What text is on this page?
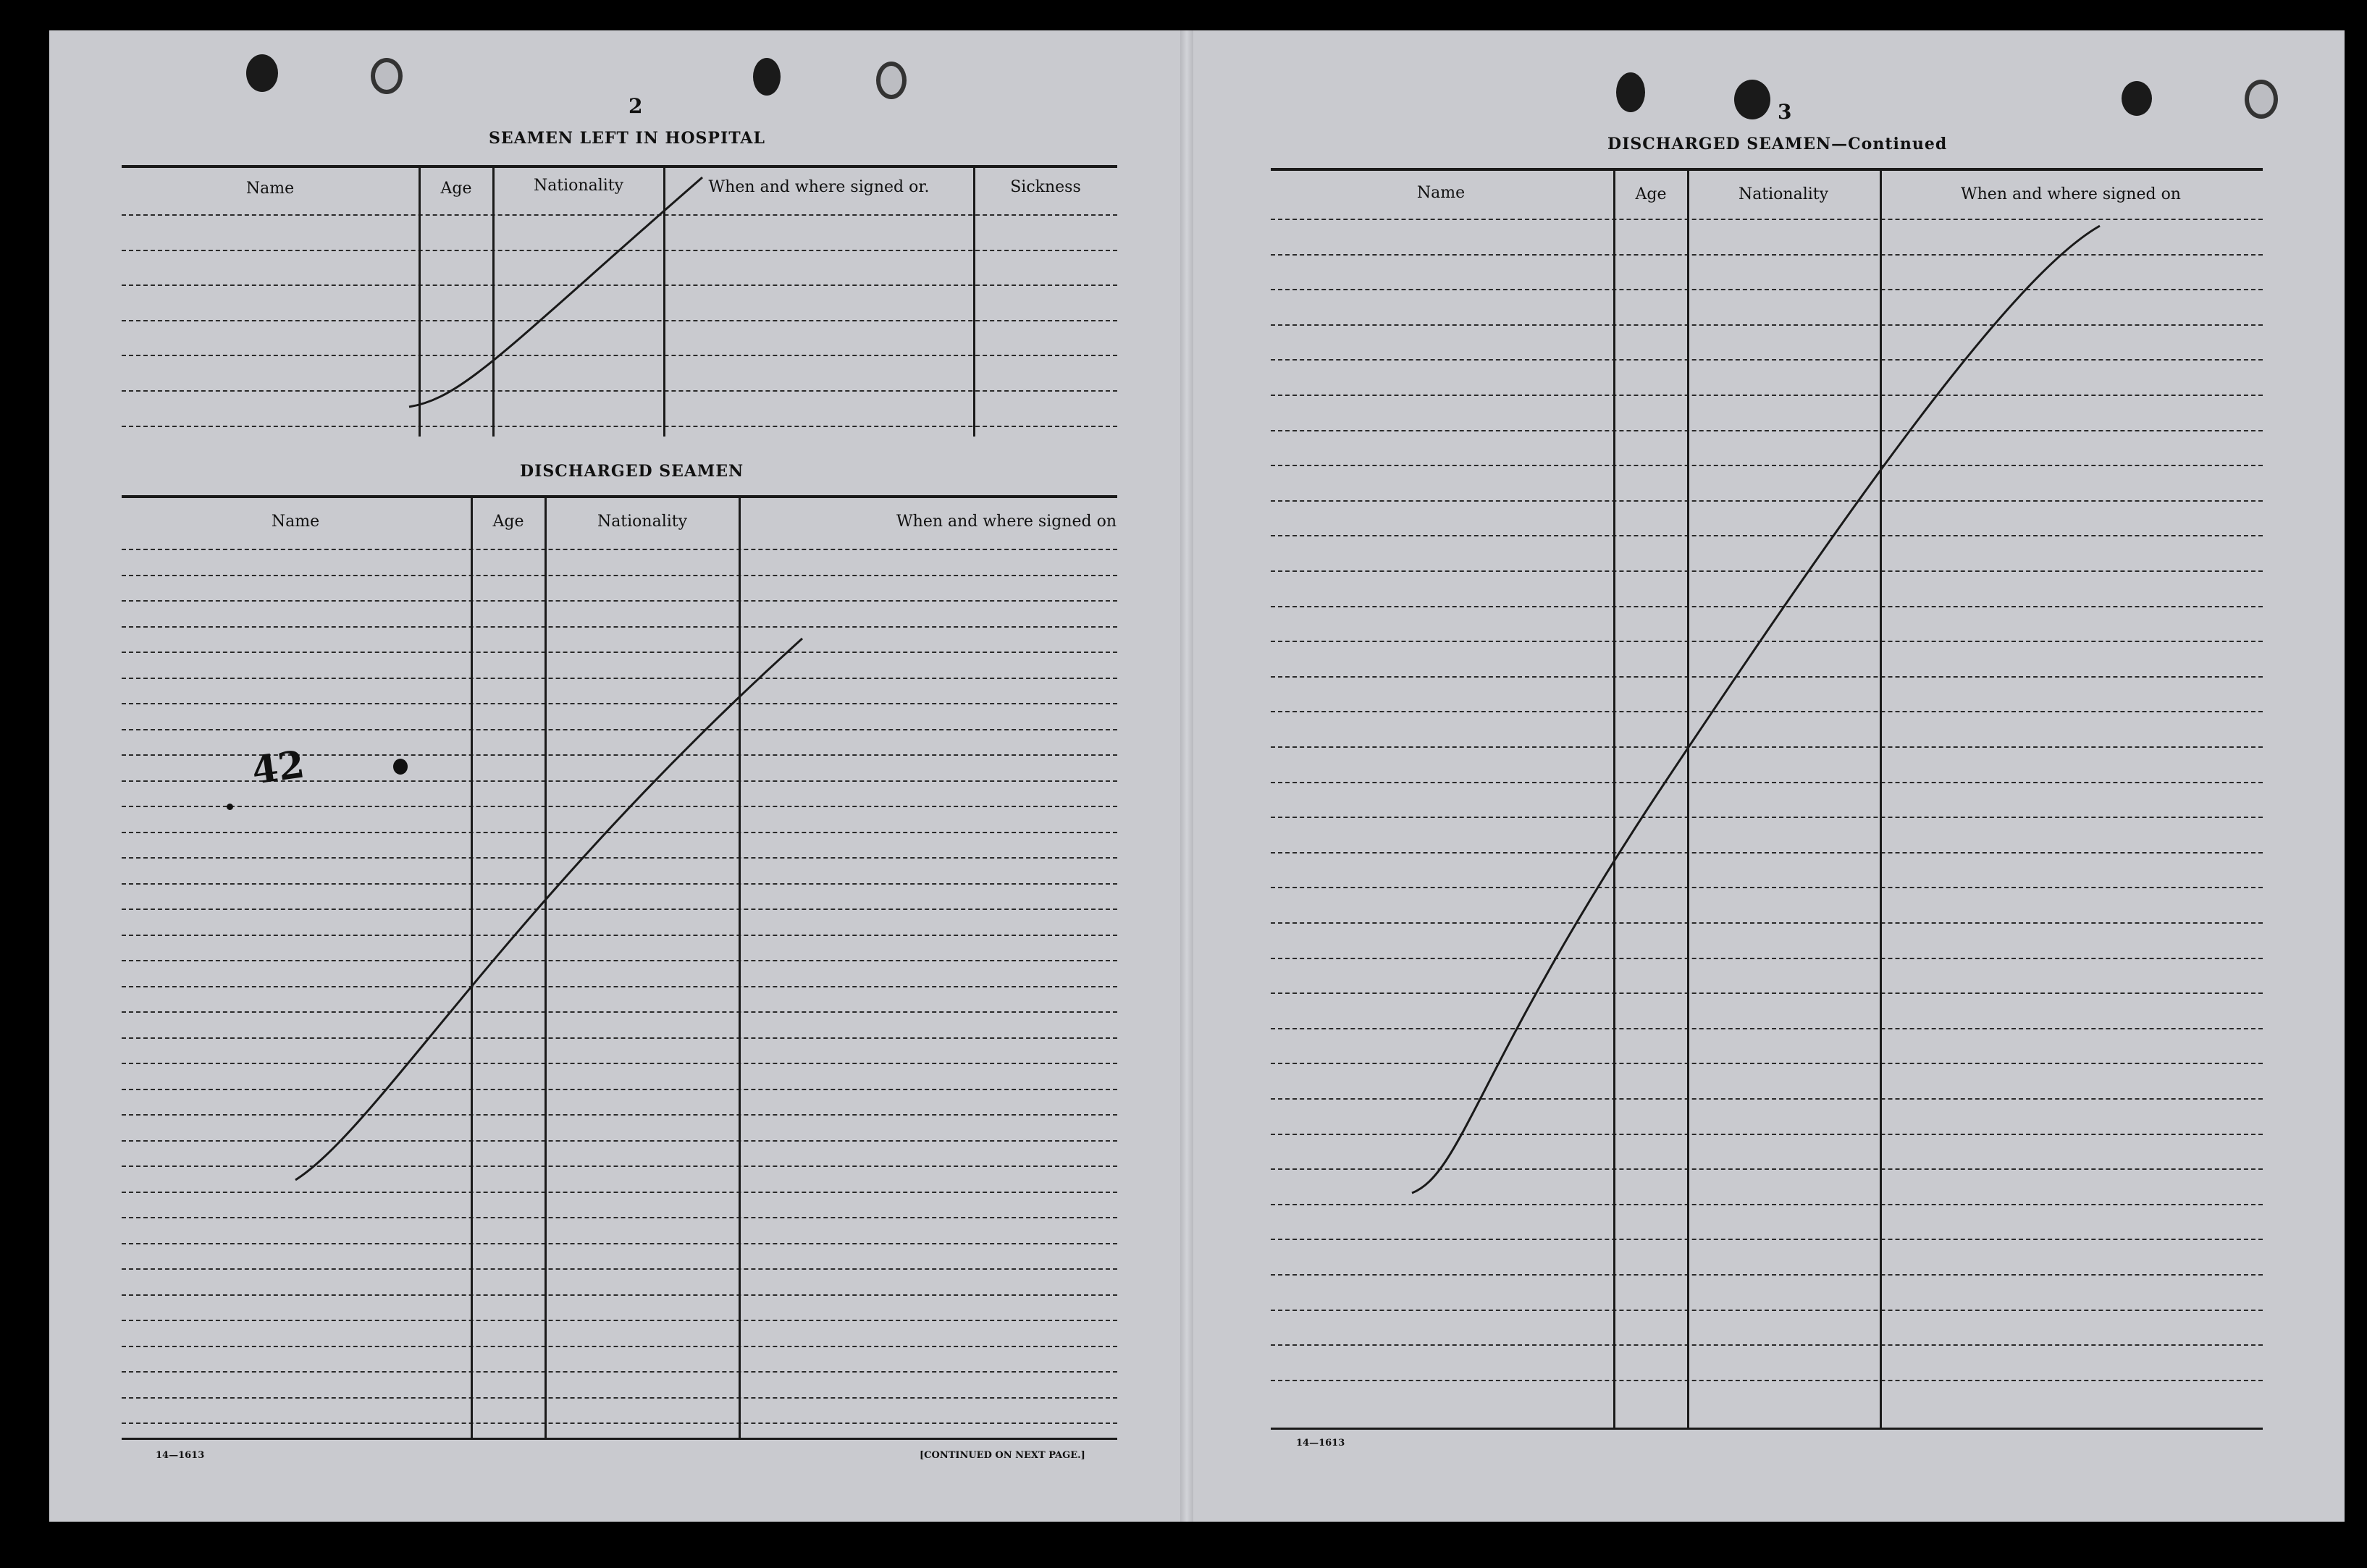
2
SEAMEN LEFT IN HOSPITAL
Name	Age	Nationality	When and where signed or.	Sickness
DISCHARGED SEAMEN
Name	Age	Nationality	When and where signed on
14—1613	[CONTINUED ON NEXT PAGE.]
42
3
DISCHARGED SEAMEN—Continued
Name	Age	Nationality	When and where signed on
14—1613
